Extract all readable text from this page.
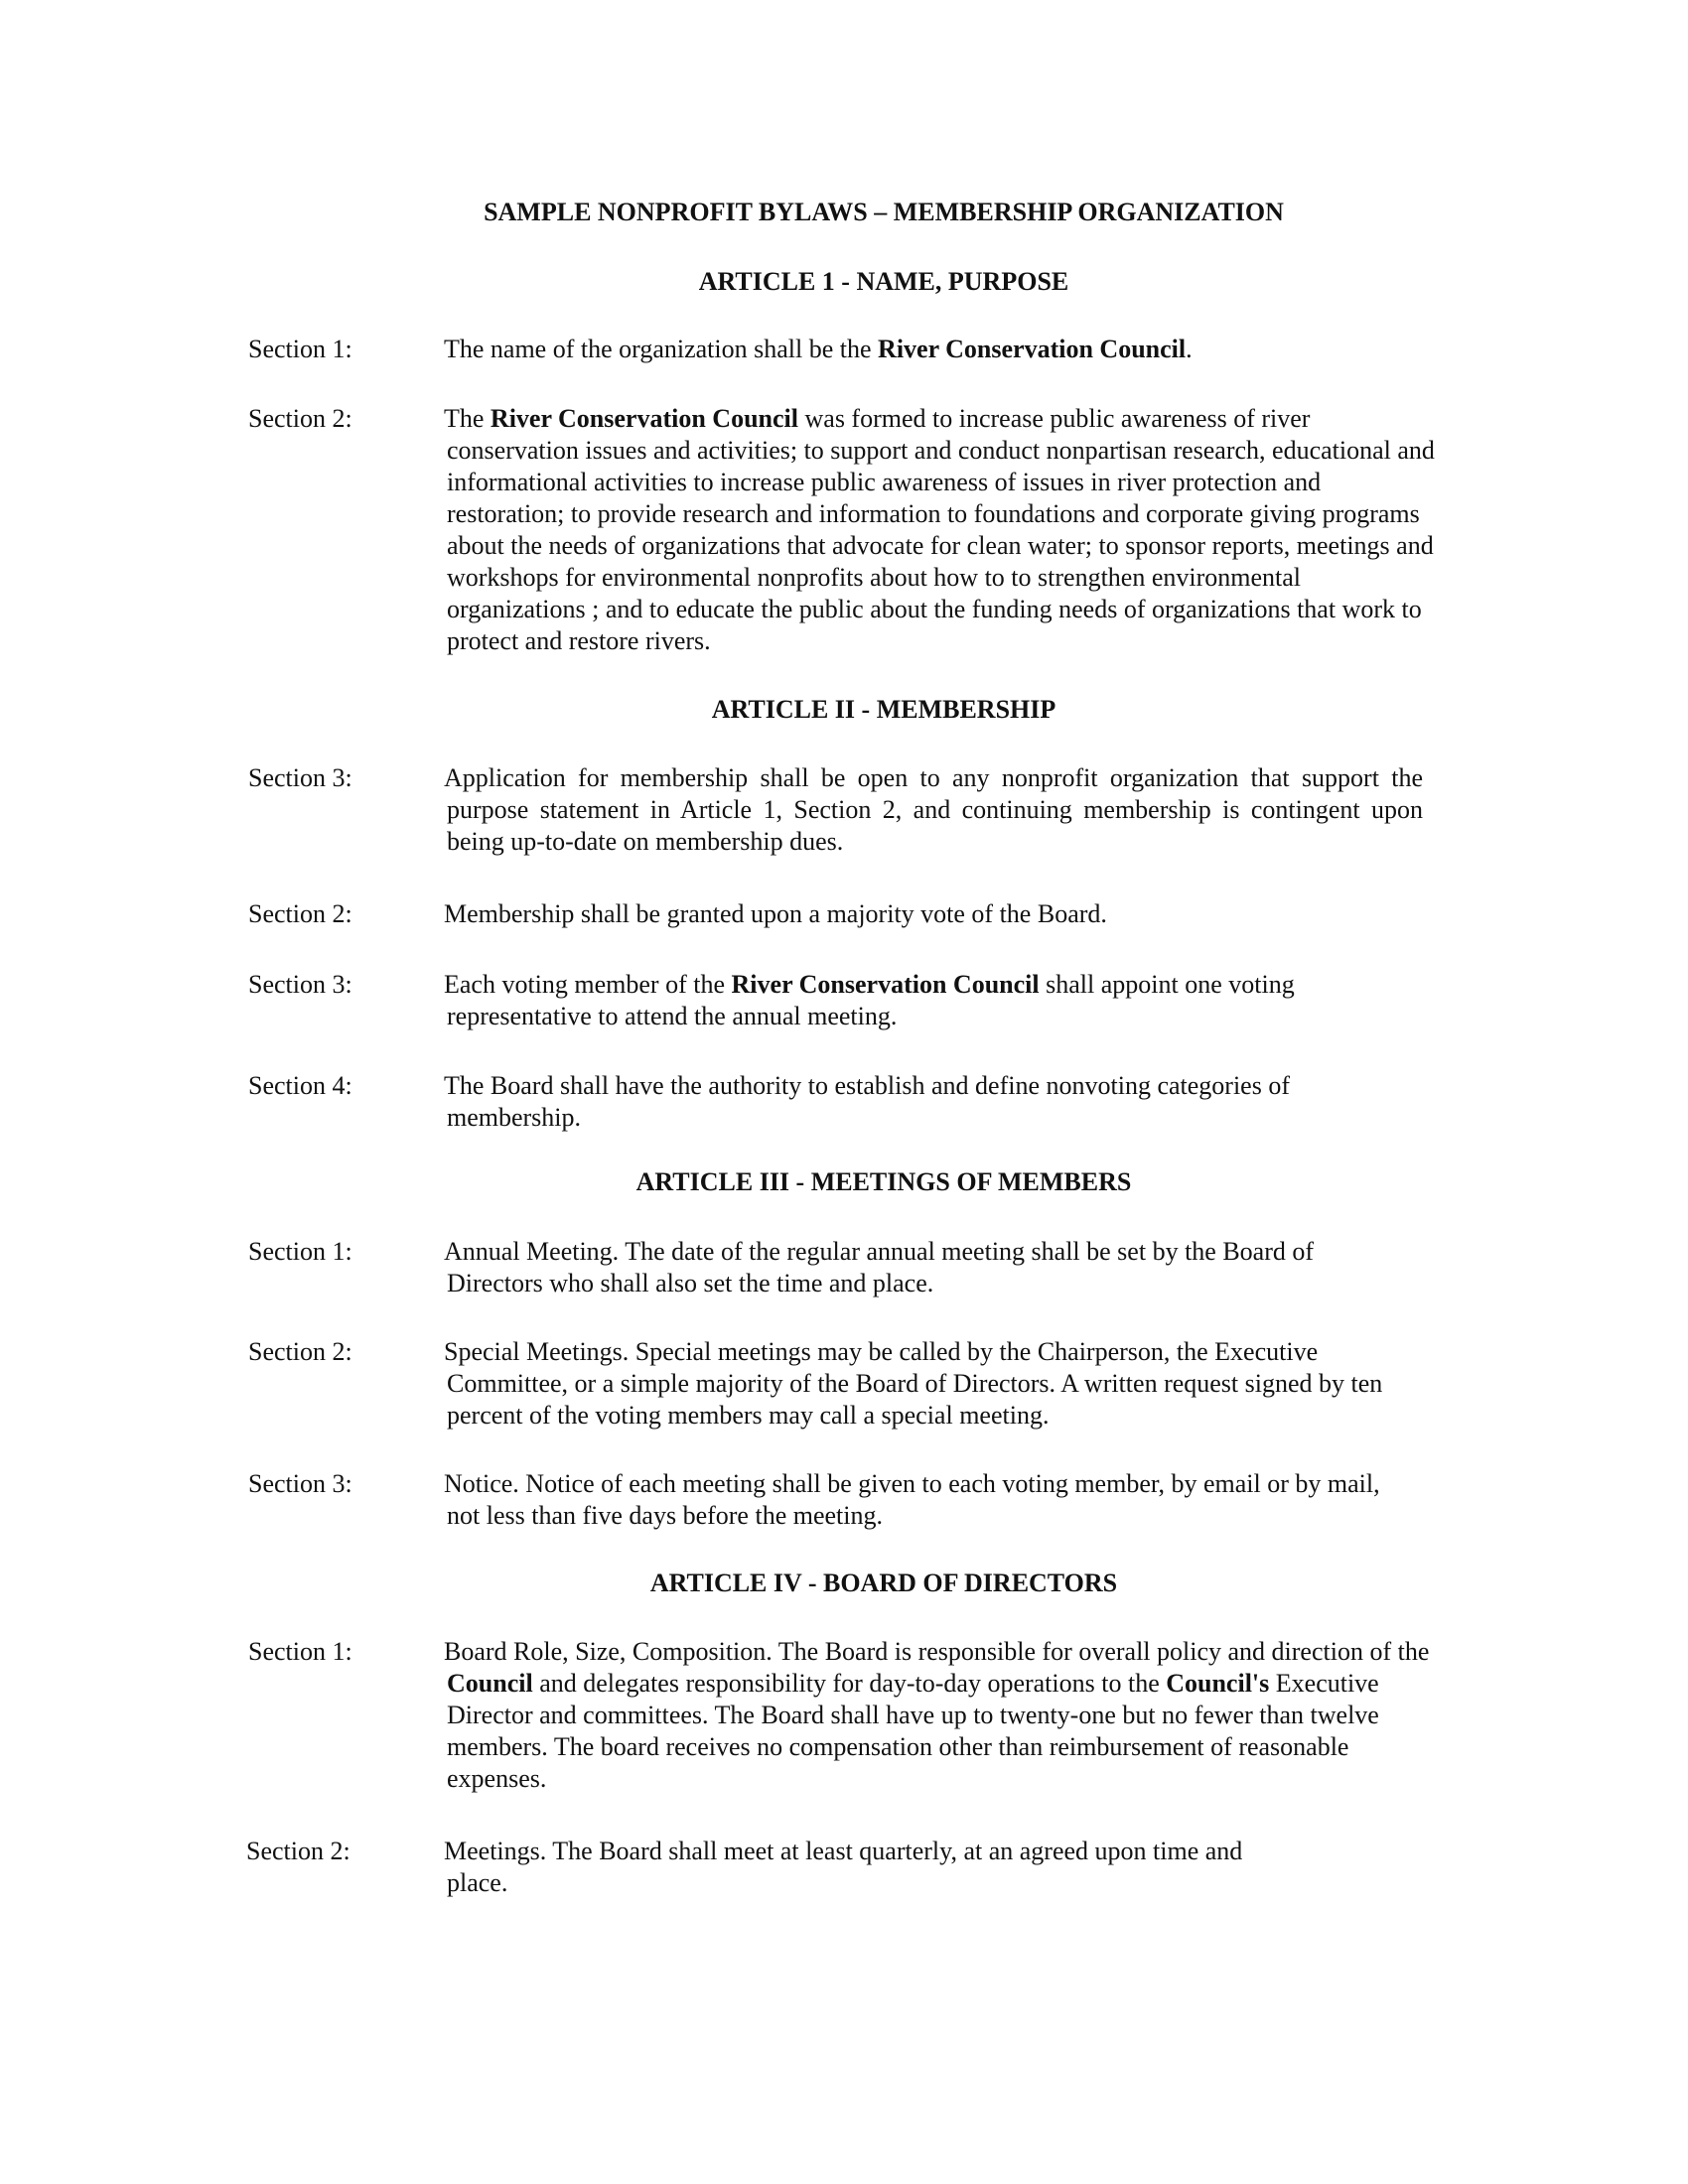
SAMPLE NONPROFIT BYLAWS – MEMBERSHIP ORGANIZATION
ARTICLE 1 - NAME, PURPOSE
Section 1:	The name of the organization shall be the River Conservation Council.
Section 2:	The River Conservation Council was formed to increase public awareness of river conservation issues and activities; to support and conduct nonpartisan research, educational and informational activities to increase public awareness of issues in river protection and restoration; to provide research and information to foundations and corporate giving programs about the needs of organizations that advocate for clean water; to sponsor reports, meetings and workshops for environmental nonprofits about how to to strengthen environmental organizations ; and to educate the public about the funding needs of organizations that work to protect and restore rivers.
ARTICLE II - MEMBERSHIP
Section 3:	Application for membership shall be open to any nonprofit organization that support the purpose statement in Article 1, Section 2, and continuing membership is contingent upon being up-to-date on membership dues.
Section 2:	Membership shall be granted upon a majority vote of the Board.
Section 3:	Each voting member of the River Conservation Council shall appoint one voting representative to attend the annual meeting.
Section 4:	The Board shall have the authority to establish and define nonvoting categories of membership.
ARTICLE III - MEETINGS OF MEMBERS
Section 1:	Annual Meeting. The date of the regular annual meeting shall be set by the Board of Directors who shall also set the time and place.
Section 2:	Special Meetings. Special meetings may be called by the Chairperson, the Executive Committee, or a simple majority of the Board of Directors. A written request signed by ten percent of the voting members may call a special meeting.
Section 3:	Notice. Notice of each meeting shall be given to each voting member, by email or by mail, not less than five days before the meeting.
ARTICLE IV - BOARD OF DIRECTORS
Section 1:	Board Role, Size, Composition. The Board is responsible for overall policy and direction of the Council and delegates responsibility for day-to-day operations to the Council's Executive Director and committees. The Board shall have up to twenty-one but no fewer than twelve members. The board receives no compensation other than reimbursement of reasonable expenses.
Section 2:	Meetings. The Board shall meet at least quarterly, at an agreed upon time and place.
